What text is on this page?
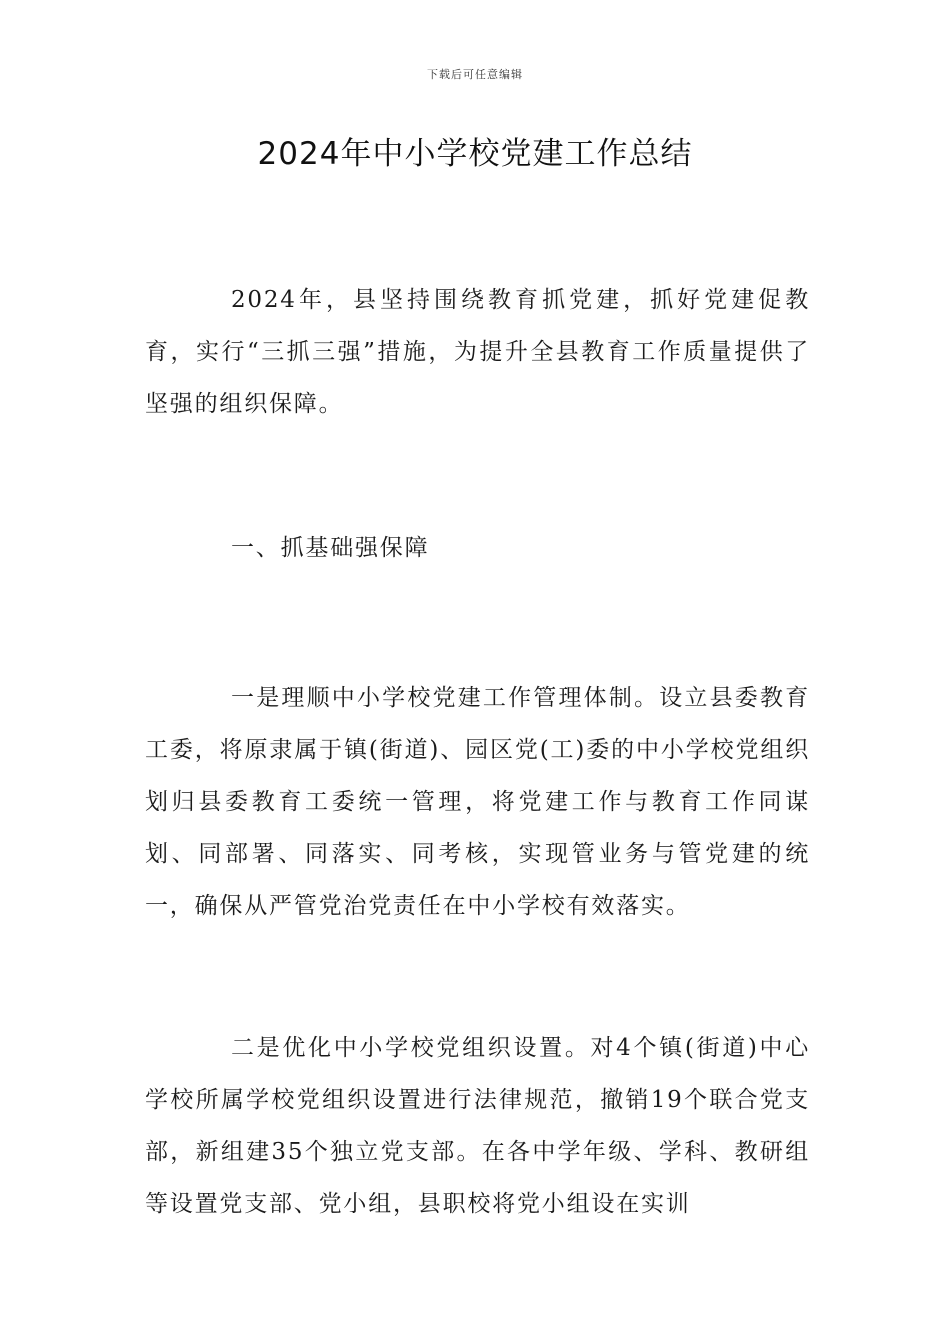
下载后可任意编辑
2024年中小学校党建工作总结

2024年，县坚持围绕教育抓党建，抓好党建促教育，实行“三抓三强”措施，为提升全县教育工作质量提供了坚强的组织保障。

一、抓基础强保障

一是理顺中小学校党建工作管理体制。设立县委教育工委，将原隶属于镇(街道)、园区党(工)委的中小学校党组织划归县委教育工委统一管理，将党建工作与教育工作同谋划、同部署、同落实、同考核，实现管业务与管党建的统一，确保从严管党治党责任在中小学校有效落实。

二是优化中小学校党组织设置。对4个镇(街道)中心学校所属学校党组织设置进行法律规范，撤销19个联合党支部，新组建35个独立党支部。在各中学年级、学科、教研组等设置党支部、党小组，县职校将党小组设在实训
